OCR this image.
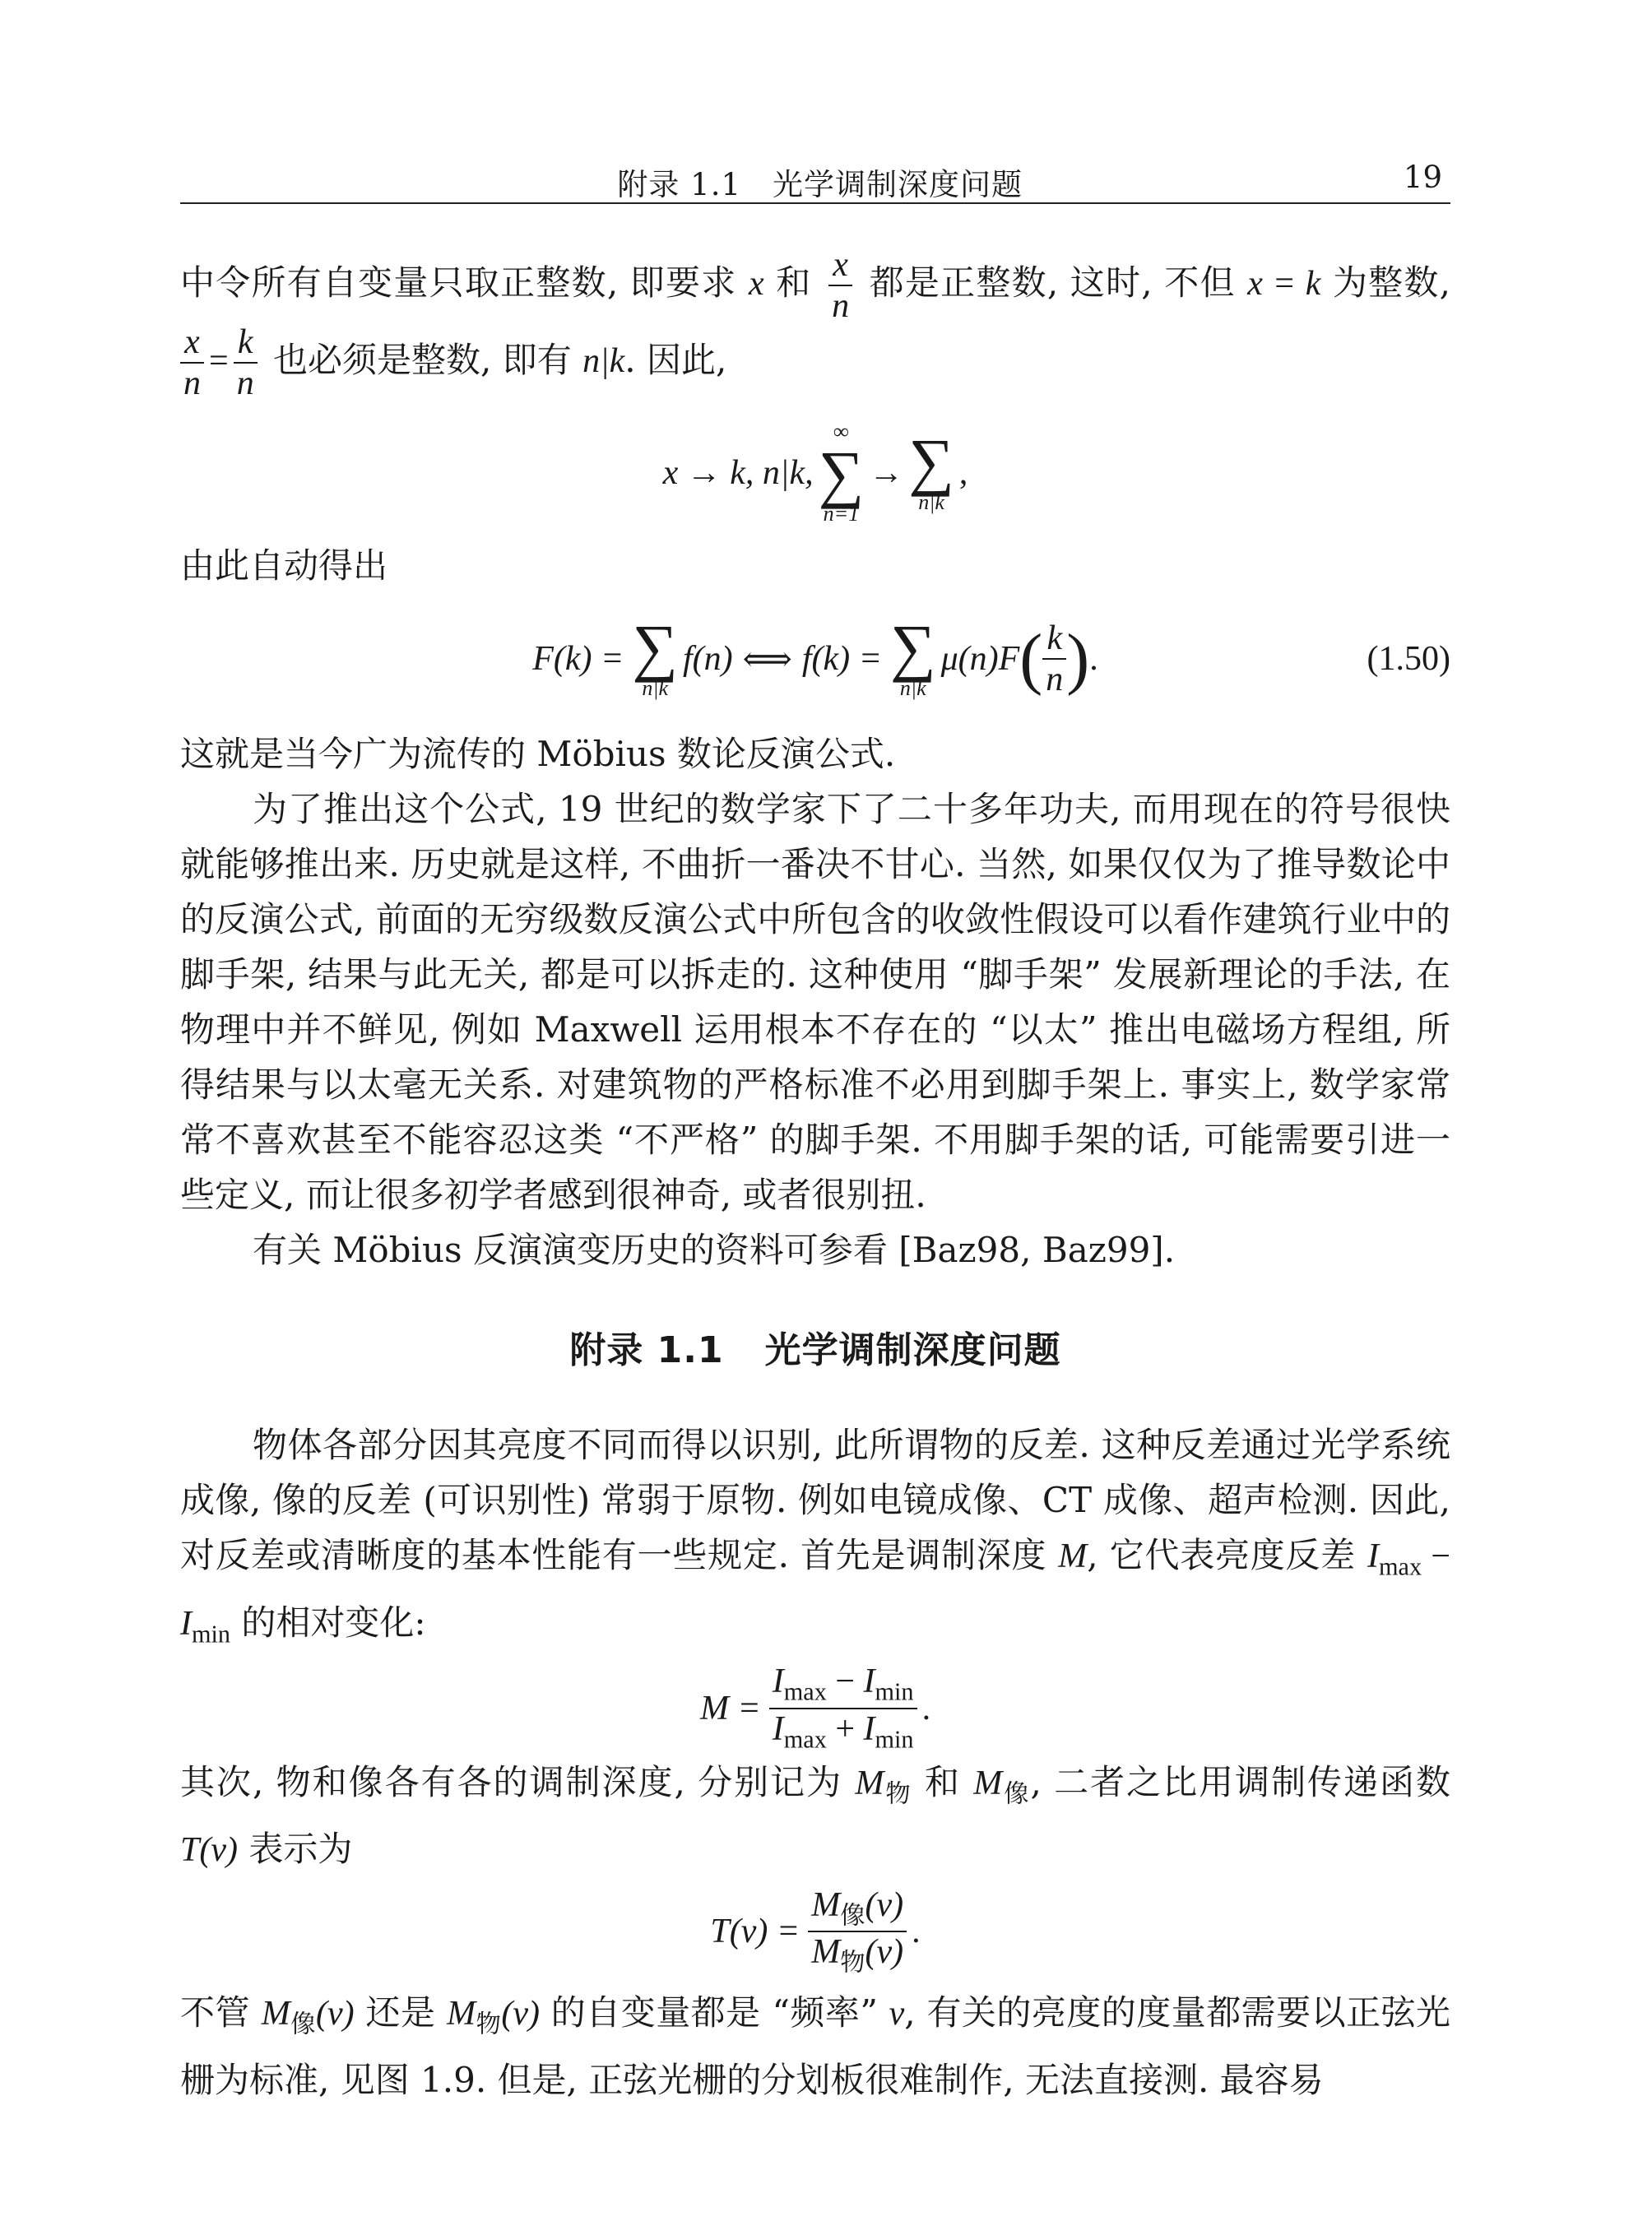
附录 1.1　光学调制深度问题	19

中令所有自变量只取正整数, 即要求 x 和 $\frac{x}{n}$ 都是正整数, 这时, 不但 x = k 为整数,
$\frac{x}{n} = \frac{k}{n}$ 也必须是整数, 即有 n|k. 因此,

x → k, n|k,
∞
∑
n=1
→ ∑
n|k
,

由此自动得出

F(k) = ∑
n|k
f(n) ⟺ f(k) = ∑
n|k
μ(n)F ( $\frac{k}{n}$ ) .	(1.50)

这就是当今广为流传的 Möbius 数论反演公式.

为了推出这个公式, 19 世纪的数学家下了二十多年功夫, 而用现在的符号很快就能够推出来. 历史就是这样, 不曲折一番决不甘心. 当然, 如果仅仅为了推导数论中的反演公式, 前面的无穷级数反演公式中所包含的收敛性假设可以看作建筑行业中的脚手架, 结果与此无关, 都是可以拆走的. 这种使用 “脚手架” 发展新理论的手法, 在物理中并不鲜见, 例如 Maxwell 运用根本不存在的 “以太” 推出电磁场方程组, 所得结果与以太毫无关系. 对建筑物的严格标准不必用到脚手架上. 事实上, 数学家常常不喜欢甚至不能容忍这类 “不严格” 的脚手架. 不用脚手架的话, 可能需要引进一些定义, 而让很多初学者感到很神奇, 或者很别扭.

有关 Möbius 反演演变历史的资料可参看 [Baz98, Baz99].

附录 1.1 光学调制深度问题

物体各部分因其亮度不同而得以识别, 此所谓物的反差. 这种反差通过光学系统成像, 像的反差 (可识别性) 常弱于原物. 例如电镜成像、CT 成像、超声检测. 因此, 对反差或清晰度的基本性能有一些规定. 首先是调制深度 M, 它代表亮度反差 $I_{max} - I_{min}$ 的相对变化:

$M = \frac{I_{max} - I_{min}}{I_{max} + I_{min}}$ .

其次, 物和像各有各的调制深度, 分别记为 $M_物$ 和 $M_像$, 二者之比用调制传递函数 T(ν) 表示为

$T(\nu) = \frac{M_像(\nu)}{M_物(\nu)}$ .

不管 $M_像(\nu)$ 还是 $M_物(\nu)$ 的自变量都是 “频率” ν, 有关的亮度的度量都需要以正弦光栅为标准, 见图 1.9. 但是, 正弦光栅的分划板很难制作, 无法直接测. 最容易
